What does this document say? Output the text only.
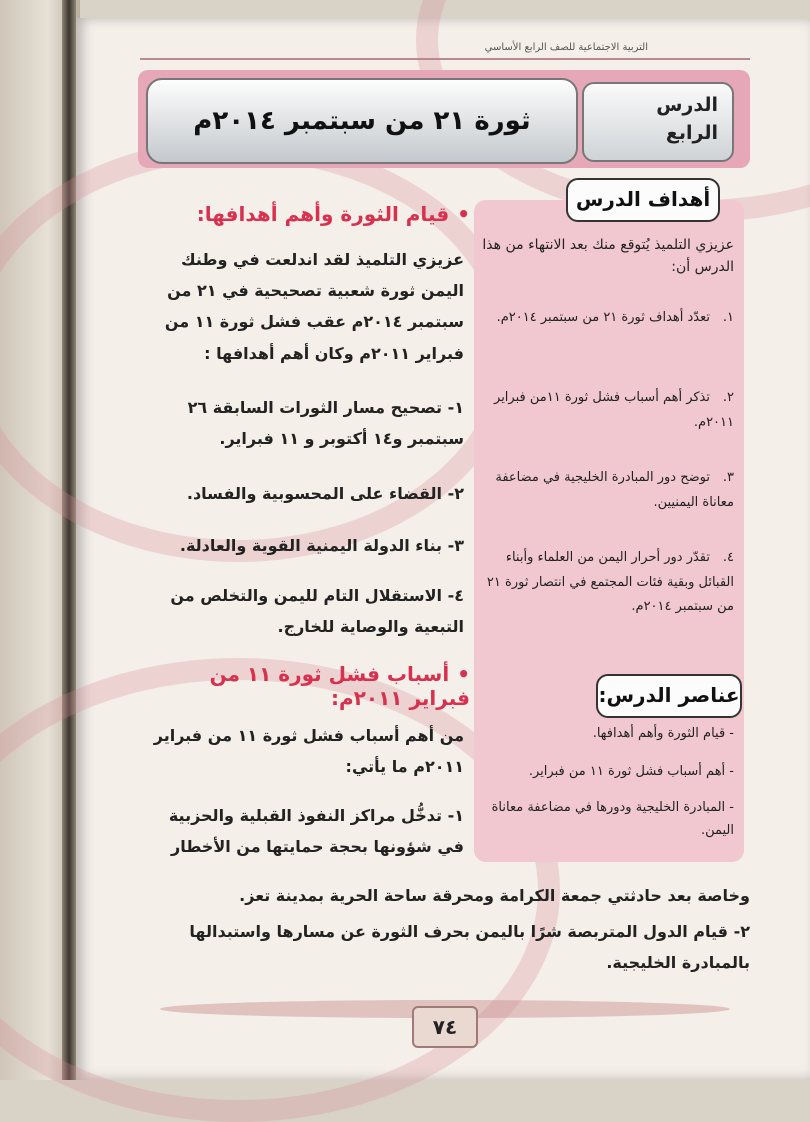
التربية الاجتماعية للصف الرابع الأساسي
الدرس
الرابع
ثورة ٢١ من سبتمبر ٢٠١٤م
أهداف الدرس
عزيزي التلميذ يُتوقع منك بعد الانتهاء من هذا الدرس أن:
١.تعدّد أهداف ثورة ٢١ من سبتمبر ٢٠١٤م.
٢.تذكر أهم أسباب فشل ثورة ١١من فبراير ٢٠١١م.
٣.توضح دور المبادرة الخليجية في مضاعفة معاناة اليمنيين.
٤.تقدّر دور أحرار اليمن من العلماء وأبناء القبائل وبقية فئات المجتمع في انتصار ثورة ٢١ من سبتمبر ٢٠١٤م.
عناصر الدرس:
- قيام الثورة وأهم أهدافها.
- أهم أسباب فشل ثورة ١١ من فبراير.
- المبادرة الخليجية ودورها في مضاعفة معاناة اليمن.
•قيام الثورة وأهم أهدافها:
عزيزي التلميذ لقد اندلعت في وطنك اليمن ثورة شعبية تصحيحية في ٢١ من سبتمبر ٢٠١٤م عقب فشل ثورة ١١ من فبراير ٢٠١١م وكان أهم أهدافها :
١- تصحيح مسار الثورات السابقة ٢٦ سبتمبر و١٤ أكتوبر و ١١ فبراير.
٢- القضاء على المحسوبية والفساد.
٣- بناء الدولة اليمنية القوية والعادلة.
٤- الاستقلال التام لليمن والتخلص من التبعية والوصاية للخارج.
•أسباب فشل ثورة ١١ من فبراير ٢٠١١م:
من أهم أسباب فشل ثورة ١١ من فبراير ٢٠١١م ما يأتي:
١- تدخُّل مراكز النفوذ القبلية والحزبية في شؤونها بحجة حمايتها من الأخطار
وخاصة بعد حادثتي جمعة الكرامة ومحرقة ساحة الحرية بمدينة تعز.
٢- قيام الدول المتربصة شرًا باليمن بحرف الثورة عن مسارها واستبدالها بالمبادرة الخليجية.
٧٤
